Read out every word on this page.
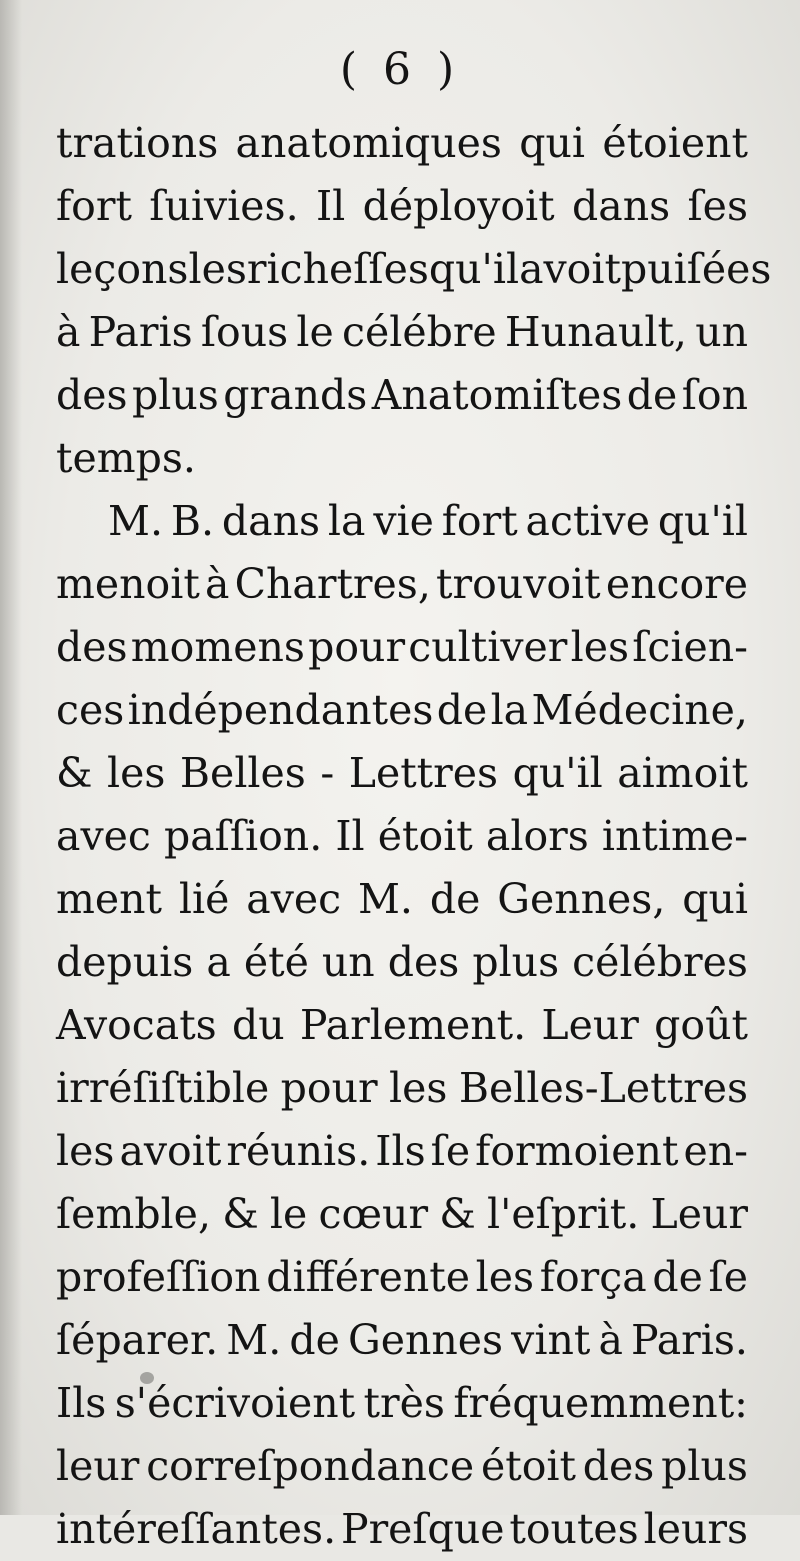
( 6 )
trations anatomiques qui étoient
fort ſuivies. Il déployoit dans ſes
leçons les richeſſes qu'il avoit puiſées
à Paris ſous le célébre Hunault, un
des plus grands Anatomiſtes de ſon
temps.
M. B. dans la vie fort active qu'il
menoit à Chartres, trouvoit encore
des momens pour cultiver les ſcien-
ces indépendantes de la Médecine,
& les Belles - Lettres qu'il aimoit
avec paſſion. Il étoit alors intime-
ment lié avec M. de Gennes, qui
depuis a été un des plus célébres
Avocats du Parlement. Leur goût
irréſiſtible pour les Belles-Lettres
les avoit réunis. Ils ſe formoient en-
ſemble, & le cœur & l'eſprit. Leur
profeſſion différente les força de ſe
ſéparer. M. de Gennes vint à Paris.
Ils s'écrivoient très fréquemment:
leur correſpondance étoit des plus
intéreſſantes. Preſque toutes leurs
